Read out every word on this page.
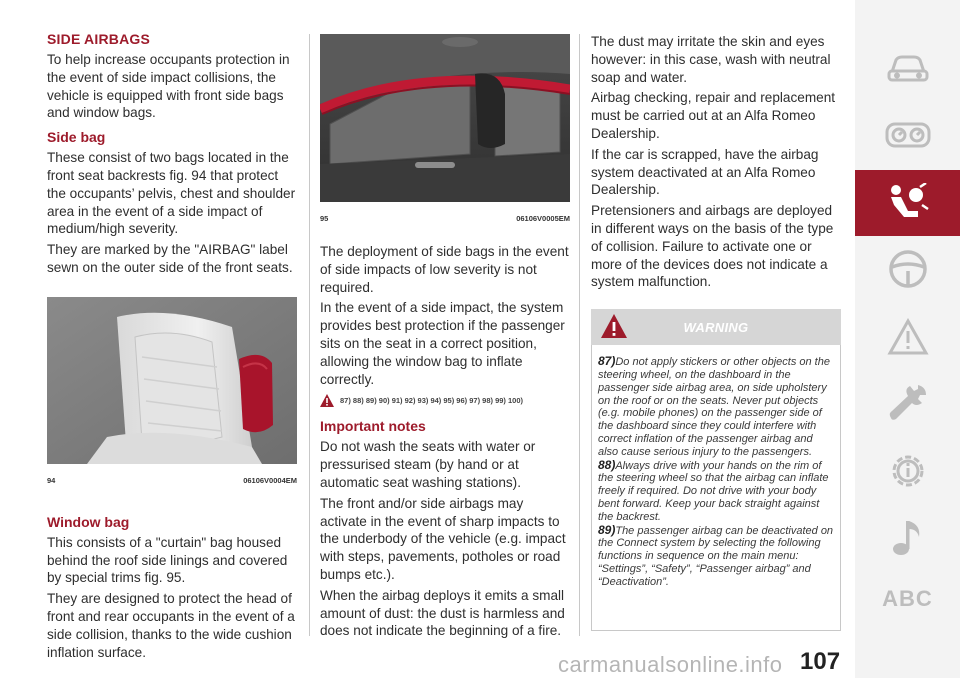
SIDE AIRBAGS

To help increase occupants protection in the event of side impact collisions, the vehicle is equipped with front side bags and window bags.

Side bag

These consist of two bags located in the front seat backrests fig. 94 that protect the occupants’ pelvis, chest and shoulder area in the event of a side impact of medium/high severity.

They are marked by the "AIRBAG" label sewn on the outer side of the front seats.

94	06106V0004EM
Window bag

This consists of a "curtain" bag housed behind the roof side linings and covered by special trims fig. 95.

They are designed to protect the head of front and rear occupants in the event of a side collision, thanks to the wide cushion inflation surface.

95	06106V0005EM

The deployment of side bags in the event of side impacts of low severity is not required.

In the event of a side impact, the system provides best protection if the passenger sits on the seat in a correct position, allowing the window bag to inflate correctly.

87) 88) 89) 90) 91) 92) 93) 94) 95) 96) 97) 98) 99) 100)
Important notes

Do not wash the seats with water or pressurised steam (by hand or at automatic seat washing stations).

The front and/or side airbags may activate in the event of sharp impacts to the underbody of the vehicle (e.g. impact with steps, pavements, potholes or road bumps etc.).

When the airbag deploys it emits a small amount of dust: the dust is harmless and does not indicate the beginning of a fire.

The dust may irritate the skin and eyes however: in this case, wash with neutral soap and water.

Airbag checking, repair and replacement must be carried out at an Alfa Romeo Dealership.

If the car is scrapped, have the airbag system deactivated at an Alfa Romeo Dealership.

Pretensioners and airbags are deployed in different ways on the basis of the type of collision. Failure to activate one or more of the devices does not indicate a system malfunction.

WARNING
87)Do not apply stickers or other objects on the steering wheel, on the dashboard in the passenger side airbag area, on side upholstery on the roof or on the seats. Never put objects (e.g. mobile phones) on the passenger side of the dashboard since they could interfere with correct inflation of the passenger airbag and also cause serious injury to the passengers.
88)Always drive with your hands on the rim of the steering wheel so that the airbag can inflate freely if required. Do not drive with your body bent forward. Keep your back straight against the backrest.
89)The passenger airbag can be deactivated on the Connect system by selecting the following functions in sequence on the main menu: “Settings”, “Safety”, “Passenger airbag” and “Deactivation”.
ABC
carmanualsonline.info 107
